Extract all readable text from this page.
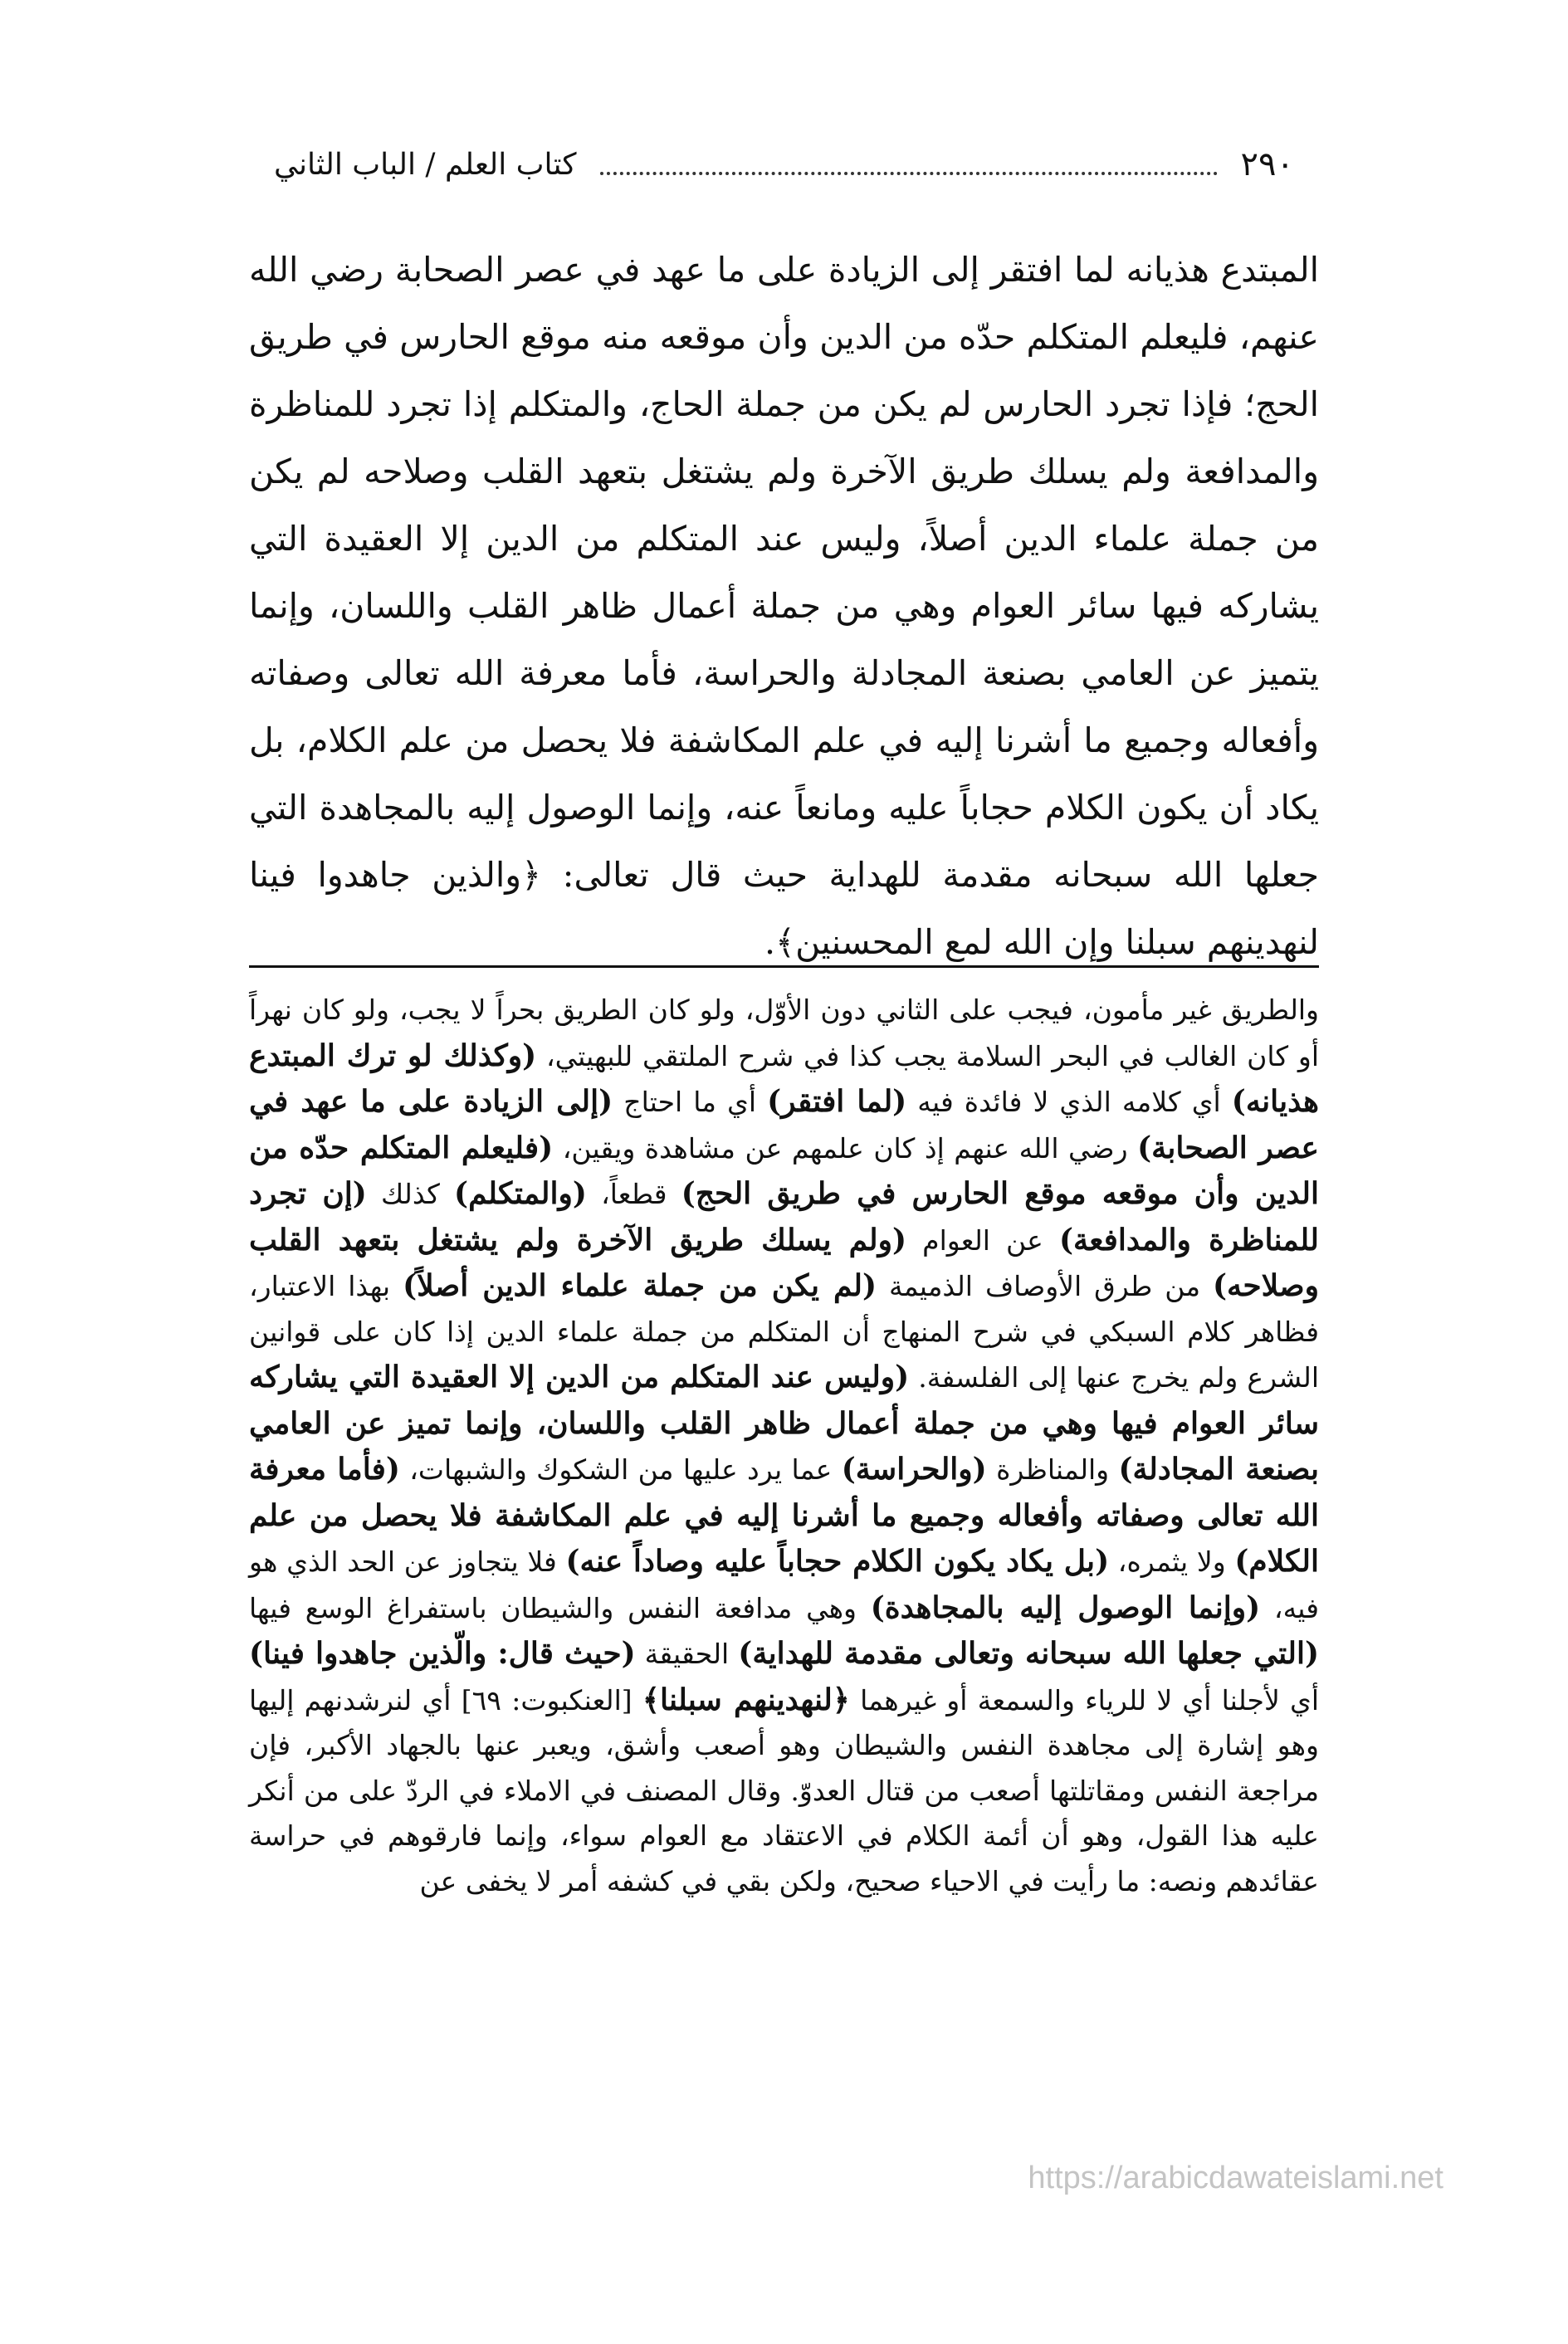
٢٩٠
كتاب العلم / الباب الثاني

المبتدع هذيانه لما افتقر إلى الزيادة على ما عهد في عصر الصحابة رضي الله عنهم، فليعلم المتكلم حدّه من الدين وأن موقعه منه موقع الحارس في طريق الحج؛ فإذا تجرد الحارس لم يكن من جملة الحاج، والمتكلم إذا تجرد للمناظرة والمدافعة ولم يسلك طريق الآخرة ولم يشتغل بتعهد القلب وصلاحه لم يكن من جملة علماء الدين أصلاً، وليس عند المتكلم من الدين إلا العقيدة التي يشاركه فيها سائر العوام وهي من جملة أعمال ظاهر القلب واللسان، وإنما يتميز عن العامي بصنعة المجادلة والحراسة، فأما معرفة الله تعالى وصفاته وأفعاله وجميع ما أشرنا إليه في علم المكاشفة فلا يحصل من علم الكلام، بل يكاد أن يكون الكلام حجاباً عليه ومانعاً عنه، وإنما الوصول إليه بالمجاهدة التي جعلها الله سبحانه مقدمة للهداية حيث قال تعالى: ﴿والذين جاهدوا فينا لنهدينهم سبلنا وإن الله لمع المحسنين﴾.

والطريق غير مأمون، فيجب على الثاني دون الأوّل، ولو كان الطريق بحراً لا يجب، ولو كان نهراً أو كان الغالب في البحر السلامة يجب كذا في شرح الملتقي للبهيتي، (وكذلك لو ترك المبتدع هذيانه) أي كلامه الذي لا فائدة فيه (لما افتقر) أي ما احتاج (إلى الزيادة على ما عهد في عصر الصحابة) رضي الله عنهم إذ كان علمهم عن مشاهدة ويقين، (فليعلم المتكلم حدّه من الدين وأن موقعه موقع الحارس في طريق الحج) قطعاً، (والمتكلم) كذلك (إن تجرد للمناظرة والمدافعة) عن العوام (ولم يسلك طريق الآخرة ولم يشتغل بتعهد القلب وصلاحه) من طرق الأوصاف الذميمة (لم يكن من جملة علماء الدين أصلاً) بهذا الاعتبار، فظاهر كلام السبكي في شرح المنهاج أن المتكلم من جملة علماء الدين إذا كان على قوانين الشرع ولم يخرج عنها إلى الفلسفة. (وليس عند المتكلم من الدين إلا العقيدة التي يشاركه سائر العوام فيها وهي من جملة أعمال ظاهر القلب واللسان، وإنما تميز عن العامي بصنعة المجادلة) والمناظرة (والحراسة) عما يرد عليها من الشكوك والشبهات، (فأما معرفة الله تعالى وصفاته وأفعاله وجميع ما أشرنا إليه في علم المكاشفة فلا يحصل من علم الكلام) ولا يثمره، (بل يكاد يكون الكلام حجاباً عليه وصاداً عنه) فلا يتجاوز عن الحد الذي هو فيه، (وإنما الوصول إليه بالمجاهدة) وهي مدافعة النفس والشيطان باستفراغ الوسع فيها (التي جعلها الله سبحانه وتعالى مقدمة للهداية) الحقيقة (حيث قال: والّذين جاهدوا فينا) أي لأجلنا أي لا للرياء والسمعة أو غيرهما ﴿لنهدينهم سبلنا﴾ [العنكبوت: ٦٩] أي لنرشدنهم إليها وهو إشارة إلى مجاهدة النفس والشيطان وهو أصعب وأشق، ويعبر عنها بالجهاد الأكبر، فإن مراجعة النفس ومقاتلتها أصعب من قتال العدوّ. وقال المصنف في الاملاء في الردّ على من أنكر عليه هذا القول، وهو أن أئمة الكلام في الاعتقاد مع العوام سواء، وإنما فارقوهم في حراسة عقائدهم ونصه: ما رأيت في الاحياء صحيح، ولكن بقي في كشفه أمر لا يخفى عن

https://arabicdawateislami.net
